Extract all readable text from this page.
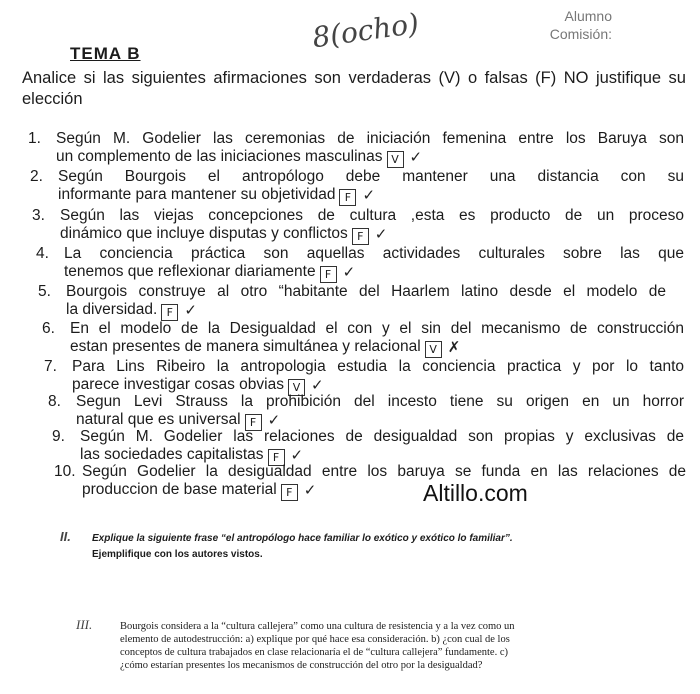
8(ocho)	Alumno
Comisión:
TEMA B
Analice si las siguientes afirmaciones son verdaderas (V) o falsas (F) NO justifique su elección
1. Según M. Godelier las ceremonias de iniciación femenina entre los Baruya son
un complemento de las iniciaciones masculinas V ✓
2. Según Bourgois el antropólogo debe mantener una distancia con su
informante para mantener su objetividad F ✓
3. Según las viejas concepciones de cultura ,esta es producto de un proceso
dinámico que incluye disputas y conflictos F ✓
4. La conciencia práctica son aquellas actividades culturales sobre las que
tenemos que reflexionar diariamente F ✓
5. Bourgois construye al otro “habitante del Haarlem latino desde el modelo de
la diversidad. F ✓
6. En el modelo de la Desigualdad el con y el sin del mecanismo de construcción
estan presentes de manera simultánea y relacional V ✗
7. Para Lins Ribeiro la antropologia estudia la conciencia practica y por lo tanto
parece investigar cosas obvias V ✓
8. Segun Levi Strauss la prohibición del incesto tiene su origen en un horror
natural que es universal F ✓
9. Según M. Godelier las relaciones de desigualdad son propias y exclusivas de
las sociedades capitalistas F ✓
10. Según Godelier la desigualdad entre los baruya se funda en las relaciones de
produccion de base material F ✓	Altillo.com
II. Explique la siguiente frase “el antropólogo hace familiar lo exótico y exótico lo familiar”.
Ejemplifique con los autores vistos.
III.	Bourgois considera a la “cultura callejera” como una cultura de resistencia y a la vez como un
elemento de autodestrucción: a) explique por qué hace esa consideración. b) ¿con cual de los
conceptos de cultura trabajados en clase relacionaría el de “cultura callejera” fundamente. c)
¿cómo estarían presentes los mecanismos de construcción del otro por la desigualdad?
